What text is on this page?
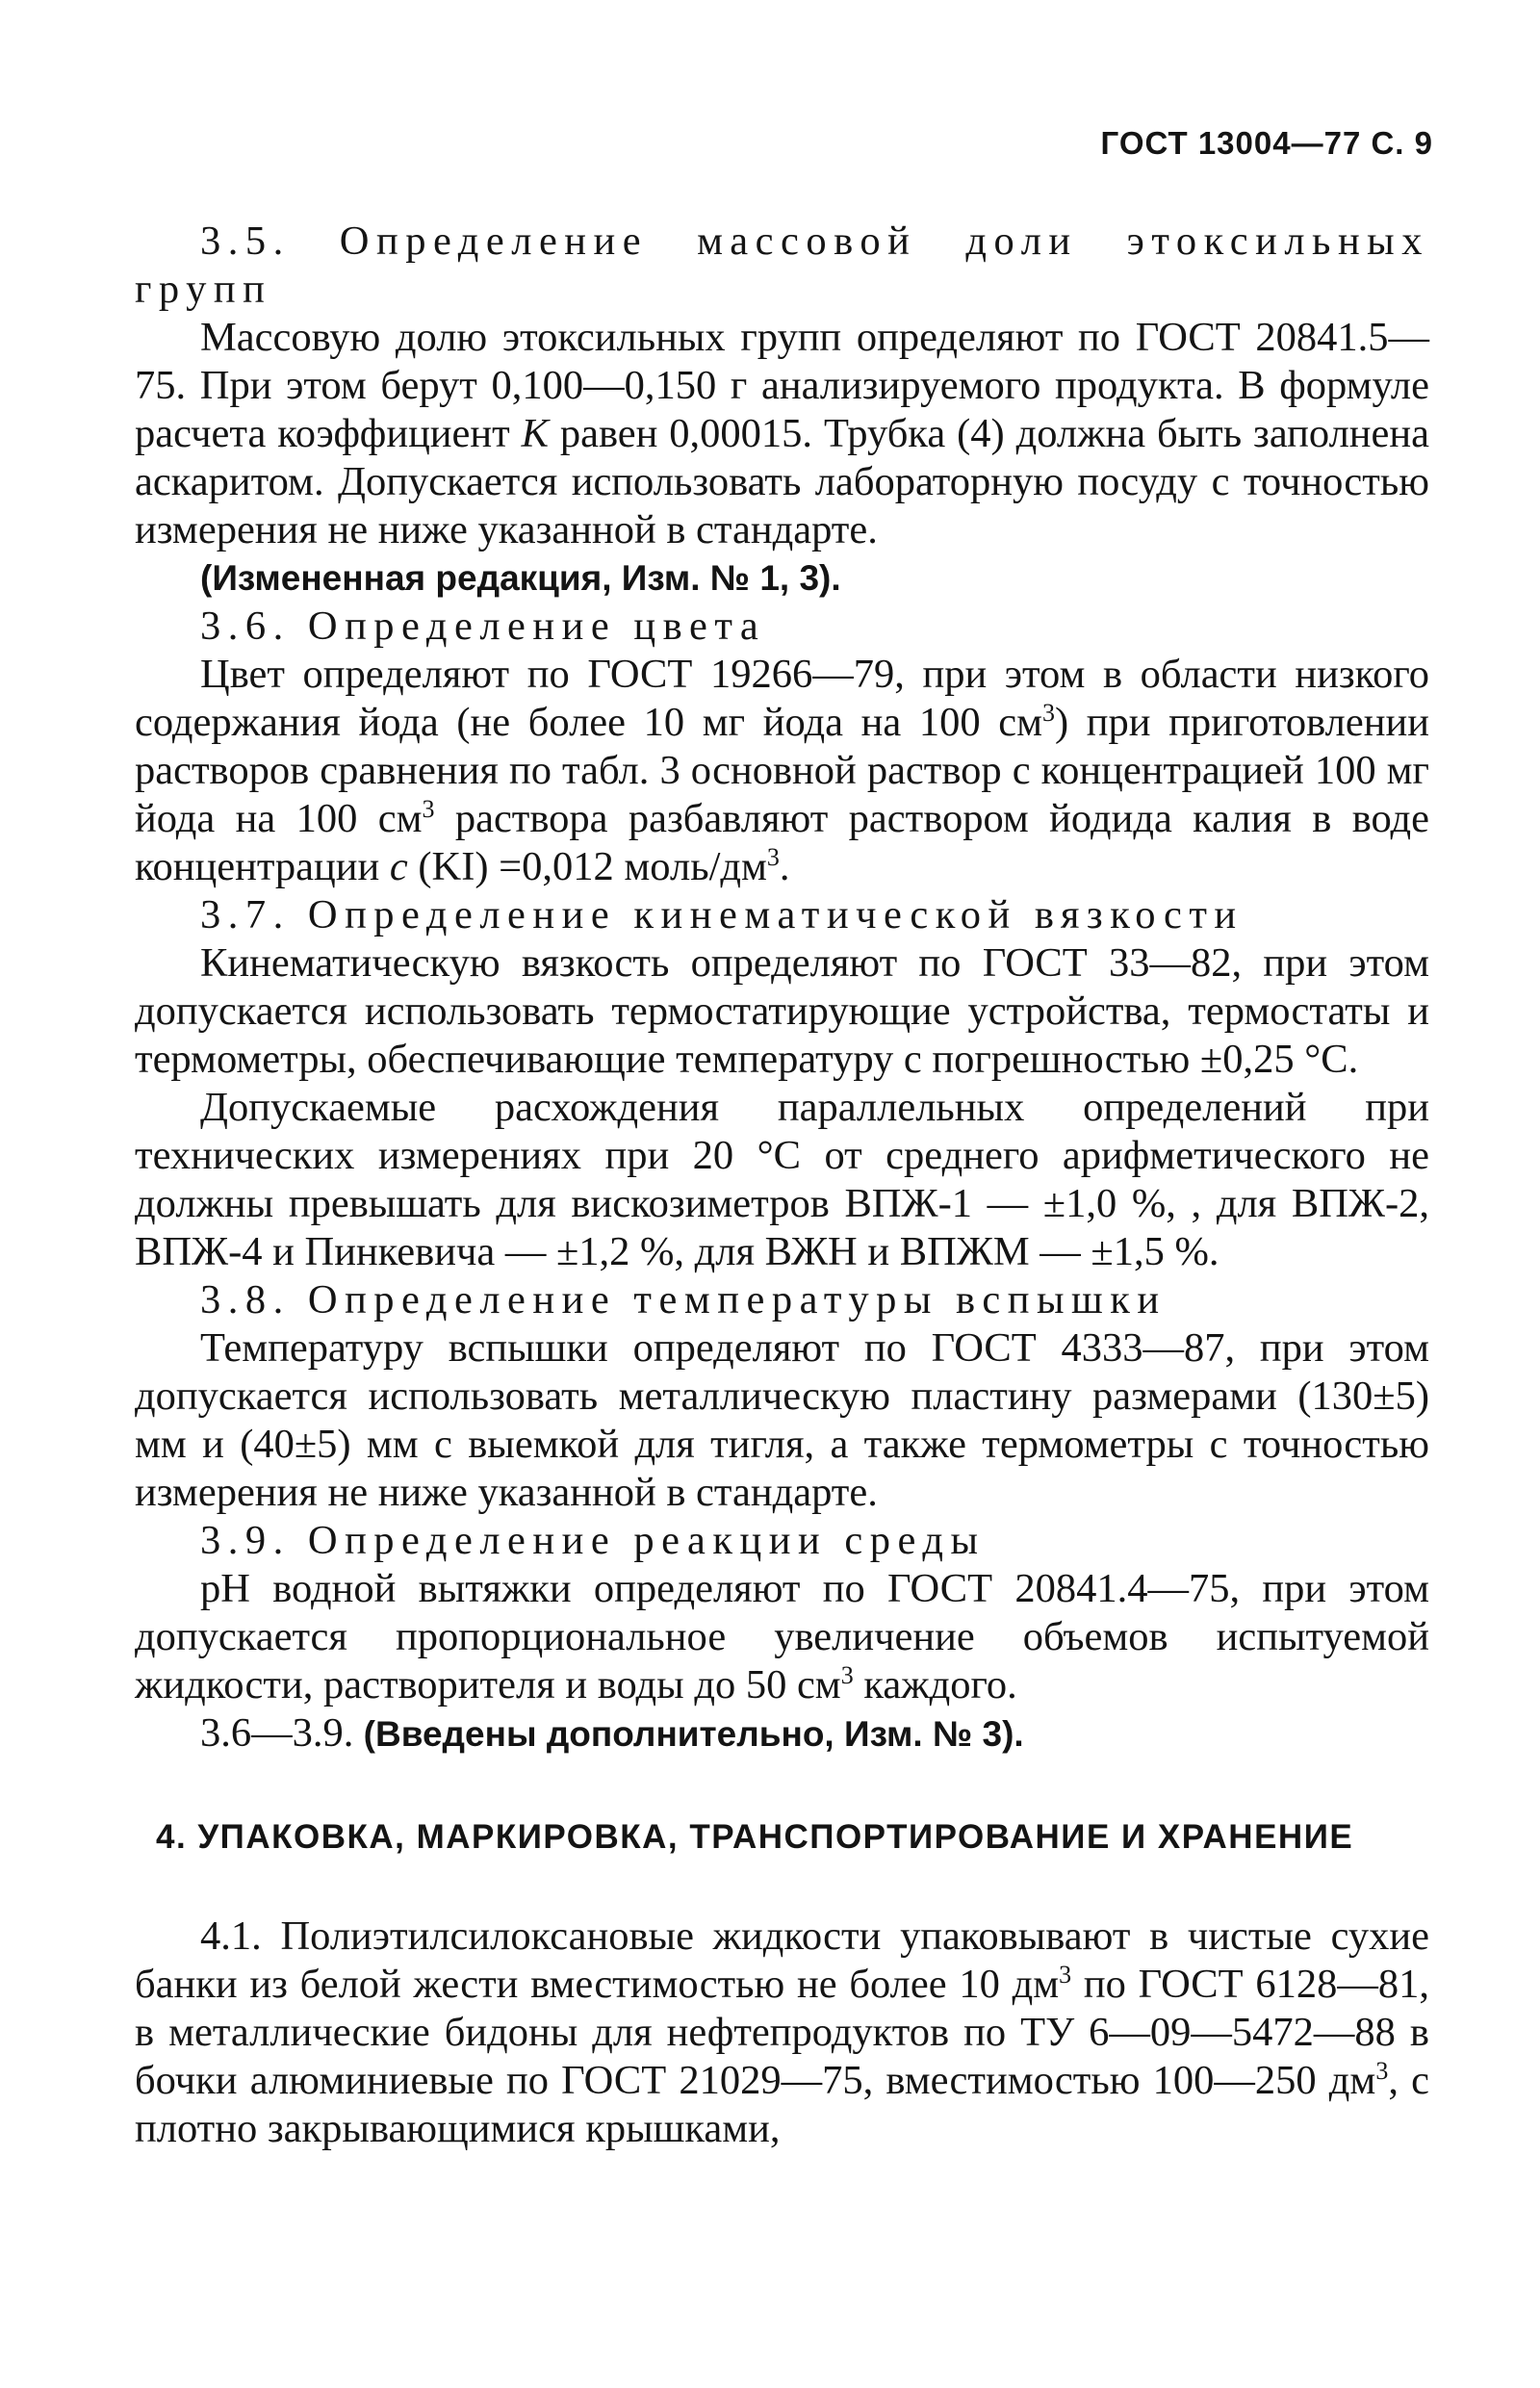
ГОСТ 13004—77 С. 9

3.5. Определение массовой доли этоксильных групп

Массовую долю этоксильных групп определяют по ГОСТ 20841.5—75. При этом берут 0,100—0,150 г анализируемого продукта. В формуле расчета коэффициент К равен 0,00015. Трубка (4) должна быть заполнена аскаритом. Допускается использовать лабораторную посуду с точностью измерения не ниже указанной в стандарте.

(Измененная редакция, Изм. № 1, 3).

3.6. Определение цвета

Цвет определяют по ГОСТ 19266—79, при этом в области низкого содержания йода (не более 10 мг йода на 100 $см^3$) при приготовлении растворов сравнения по табл. 3 основной раствор с концентрацией 100 мг йода на 100 $см^3$ раствора разбавляют раствором йодида калия в воде концентрации с (KI) =0,012 моль/$дм^3$.

3.7. Определение кинематической вязкости

Кинематическую вязкость определяют по ГОСТ 33—82, при этом допускается использовать термостатирующие устройства, термостаты и термометры, обеспечивающие температуру с погрешностью ±0,25 °С.

Допускаемые расхождения параллельных определений при технических измерениях при 20 °С от среднего арифметического не должны превышать для вискозиметров ВПЖ-1 — ±1,0 %, , для ВПЖ-2, ВПЖ-4 и Пинкевича — ±1,2 %, для ВЖН и ВПЖМ — ±1,5 %.

3.8. Определение температуры вспышки

Температуру вспышки определяют по ГОСТ 4333—87, при этом допускается использовать металлическую пластину размерами (130±5) мм и (40±5) мм с выемкой для тигля, а также термометры с точностью измерения не ниже указанной в стандарте.

3.9. Определение реакции среды

рН водной вытяжки определяют по ГОСТ 20841.4—75, при этом допускается пропорциональное увеличение объемов испытуемой жидкости, растворителя и воды до 50 $см^3$ каждого.

3.6—3.9. (Введены дополнительно, Изм. № 3).

4. УПАКОВКА, МАРКИРОВКА, ТРАНСПОРТИРОВАНИЕ И ХРАНЕНИЕ

4.1. Полиэтилсилоксановые жидкости упаковывают в чистые сухие банки из белой жести вместимостью не более 10 $дм^3$ по ГОСТ 6128—81, в металлические бидоны для нефтепродуктов по ТУ 6—09—5472—88 в бочки алюминиевые по ГОСТ 21029—75, вместимостью 100—250 $дм^3$, с плотно закрывающимися крышками,
